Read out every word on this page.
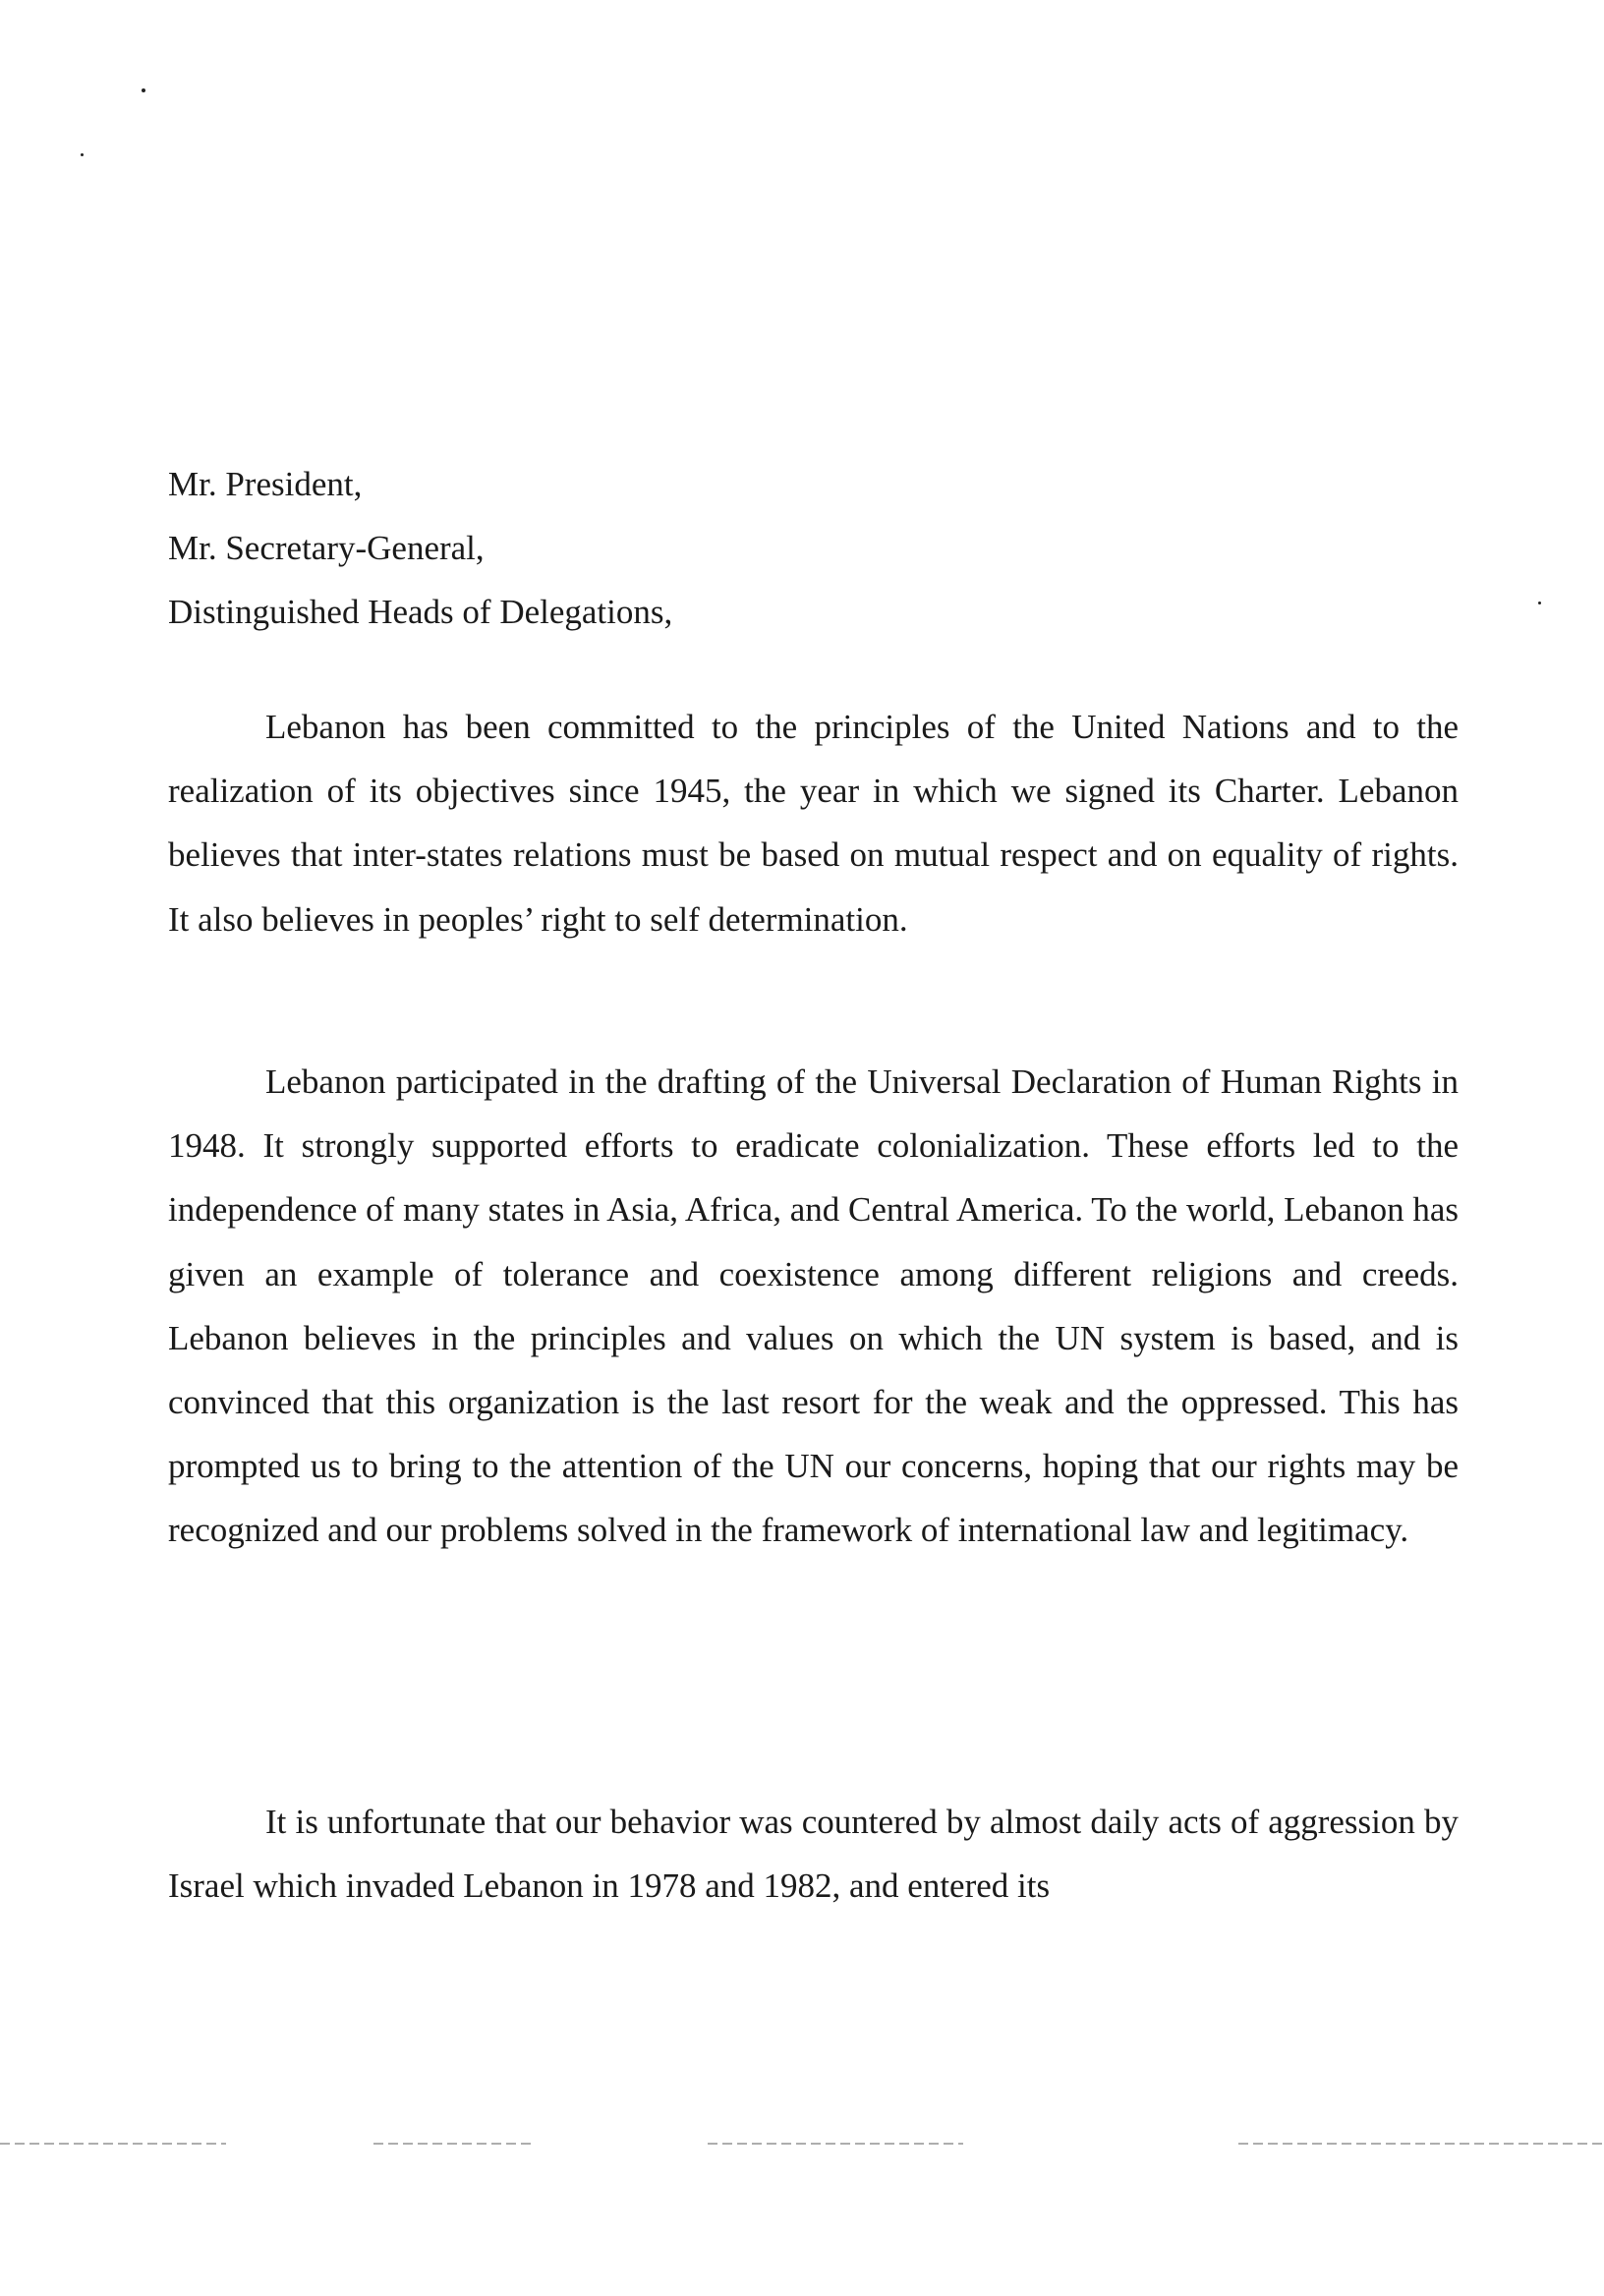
Mr. President,
Mr. Secretary-General,
Distinguished Heads of Delegations,

Lebanon has been committed to the principles of the United Nations and to the realization of its objectives since 1945, the year in which we signed its Charter. Lebanon believes that inter-states relations must be based on mutual respect and on equality of rights. It also believes in peoples’ right to self determination.

Lebanon participated in the drafting of the Universal Declaration of Human Rights in 1948. It strongly supported efforts to eradicate colonialization. These efforts led to the independence of many states in Asia, Africa, and Central America. To the world, Lebanon has given an example of tolerance and coexistence among different religions and creeds. Lebanon believes in the principles and values on which the UN system is based, and is convinced that this organization is the last resort for the weak and the oppressed. This has prompted us to bring to the attention of the UN our concerns, hoping that our rights may be recognized and our problems solved in the framework of international law and legitimacy.

It is unfortunate that our behavior was countered by almost daily acts of aggression by Israel which invaded Lebanon in 1978 and 1982, and entered its
